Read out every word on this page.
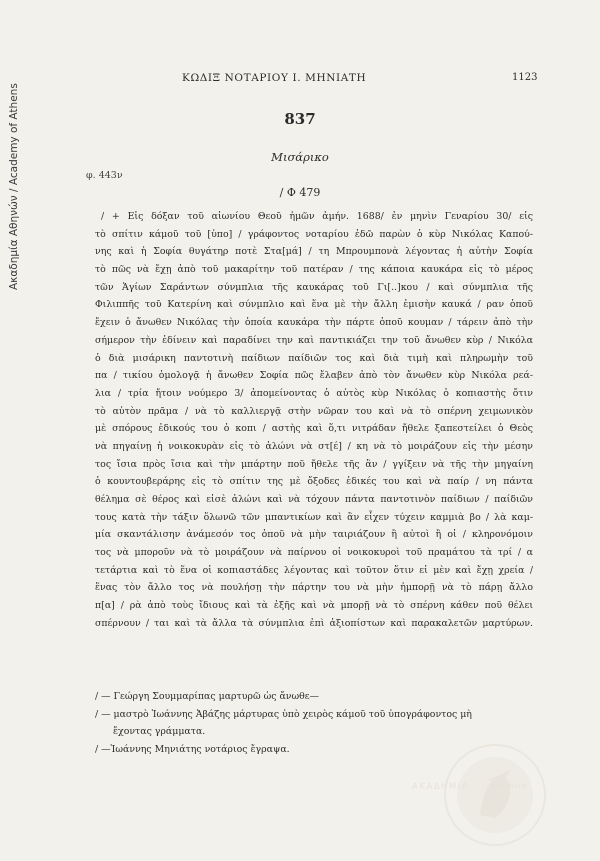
Ακαδημία Αθηνών / Academy of Athens
ΚΩΔΙΞ ΝΟΤΑΡΙΟΥ Ι. ΜΗΝΙΑΤΗ	1123
837
Μισάρικο
φ. 443ν
/ Φ 479
/ + Εἰς δόξαν τοῦ αἰωνίου Θεοῦ ἡμῶν ἀμήν. 1688/ ἐν μηνὶν Γεναρίου 30/ εἰς
τὸ σπίτιν κάμοῦ τοῦ [ὑπο] / γράφοντος νοταρίου ἐδῶ παρὼν ὁ κὺρ Νικόλας Καπού-
νης καὶ ἡ Σοφία θυγάτηρ ποτὲ Στα[μά] / τη Μπρουμπονὰ λέγοντας ἡ αὐτὴν Σοφία
τὸ πῶς νὰ ἔχῃ ἀπὸ τοῦ μακαρίτην τοῦ πατέραν / της κάποια καυκάρα εἰς τὸ μέρος
τῶν Ἁγίων Σαράντων σύνμπλια τῆς καυκάρας τοῦ Γι[..]κου / καὶ σύνμπλια τῆς
Φιλιππῆς τοῦ Κατερίνη καὶ σύνμπλιο καὶ ἕνα μὲ τὴν ἄλλη ἐμισὴν καυκά / ραν ὁποῦ
ἔχειν ὁ ἄνωθεν Νικόλας τὴν ὁποία καυκάρα τὴν πάρτε ὁποῦ κουμαν / τάρειν ἀπὸ τὴν
σήμερον τὴν ἐδίνειν καὶ παραδίνει την καὶ παντικιάζει την τοῦ ἄνωθεν κὺρ / Νικόλα
ὁ διὰ μισάρικη παντοτινὴ παίδιων παίδιῶν τος καὶ διὰ τιμὴ καὶ πληρωμὴν τοῦ
πα / τικίου ὁμολογᾷ ἡ ἄνωθεν Σοφία πῶς ἔλαβεν ἀπὸ τὸν ἄνωθεν κὺρ Νικόλα ρεά-
λια / τρία ἤτοιν νούμερο 3/ ἀπομείνοντας ὁ αὐτὸς κὺρ Νικόλας ὁ κοπιαστὴς ὄτιν
τὸ αὐτὸν πρᾶμα / νὰ τὸ καλλιεργᾷ στὴν νῶραν του καὶ νὰ τὸ σπέρνη χειμωνικὸν
μὲ σπόρους ἐδικούς του ὁ κοπι / αστὴς καὶ ὅ,τι νιτράδαν ἤθελε ξαπεστείλει ὁ Θεὸς
νὰ πηγαίνῃ ἡ νοικοκυρὰν εἰς τὸ ἀλώνι νὰ στ[έ] / κη νὰ τὸ μοιράζουν εἰς τὴν μέσην
τος ἴσια πρὸς ἴσια καὶ τὴν μπάρτην ποῦ ἤθελε τῆς ἂν / γγίξειν νὰ τῆς τὴν μηγαίνη
ὁ κουντουβεράρης εἰς τὸ σπίτιν της μὲ ὄξοδες ἐδικές του καὶ νὰ παίρ / νη πάντα
θέλημα σὲ θέρος καὶ εἰσὲ ἀλώνι καὶ νὰ τόχουν πάντα παντοτινὸν παίδιων / παίδιῶν
τους κατὰ τὴν τάξιν ὅλωνῶ τῶν μπαντικίων καὶ ἂν εἶχεν τύχειν καμμιὰ βο / λὰ καμ-
μία σκαντάλισην ἀνάμεσόν τος ὁποῦ νὰ μὴν ταιριάζουν ἢ αὐτοὶ ἢ οἱ / κληρονόμοιν
τος νὰ μποροῦν νὰ τὸ μοιράζουν νὰ παίρνου οἱ νοικοκυροὶ τοῦ πραμάτου τὰ τρί / α
τετάρτια καὶ τὸ ἕνα οἱ κοπιαστάδες λέγοντας καὶ τοῦτον ὅτιν εἰ μὲν καὶ ἔχῃ χρεία /
ἕνας τὸν ἄλλο τος νὰ πουλήσῃ τὴν πάρτην του νὰ μὴν ἠμπορῇ νὰ τὸ πάρῃ ἄλλο
π[α] / ρὰ ἀπὸ τοὺς ἴδιους καὶ τὰ ἐξῆς καὶ νὰ μπορῇ νὰ τὸ σπέρνη κάθεν ποῦ θέλει
σπέρνουν / ται καὶ τὰ ἄλλα τὰ σύνμπλια ἐπὶ ἀξιοπίστων καὶ παρακαλετῶν μαρτύρων.
/ — Γεώργη Σουμμαρίπας μαρτυρῶ ὡς ἄνωθε—
/ — μαστρὸ Ἰωάννης Ἀβάζης μάρτυρας ὑπὸ χειρὸς κάμοῦ τοῦ ὑπογράφοντος μὴ
ἔχοντας γράμματα.
/ —Ἰωάννης Μηνιάτης νοτάριος ἔγραψα.
ΑΚΑΔΗΜΙΑ	ΑΘΗΝΩΝ
